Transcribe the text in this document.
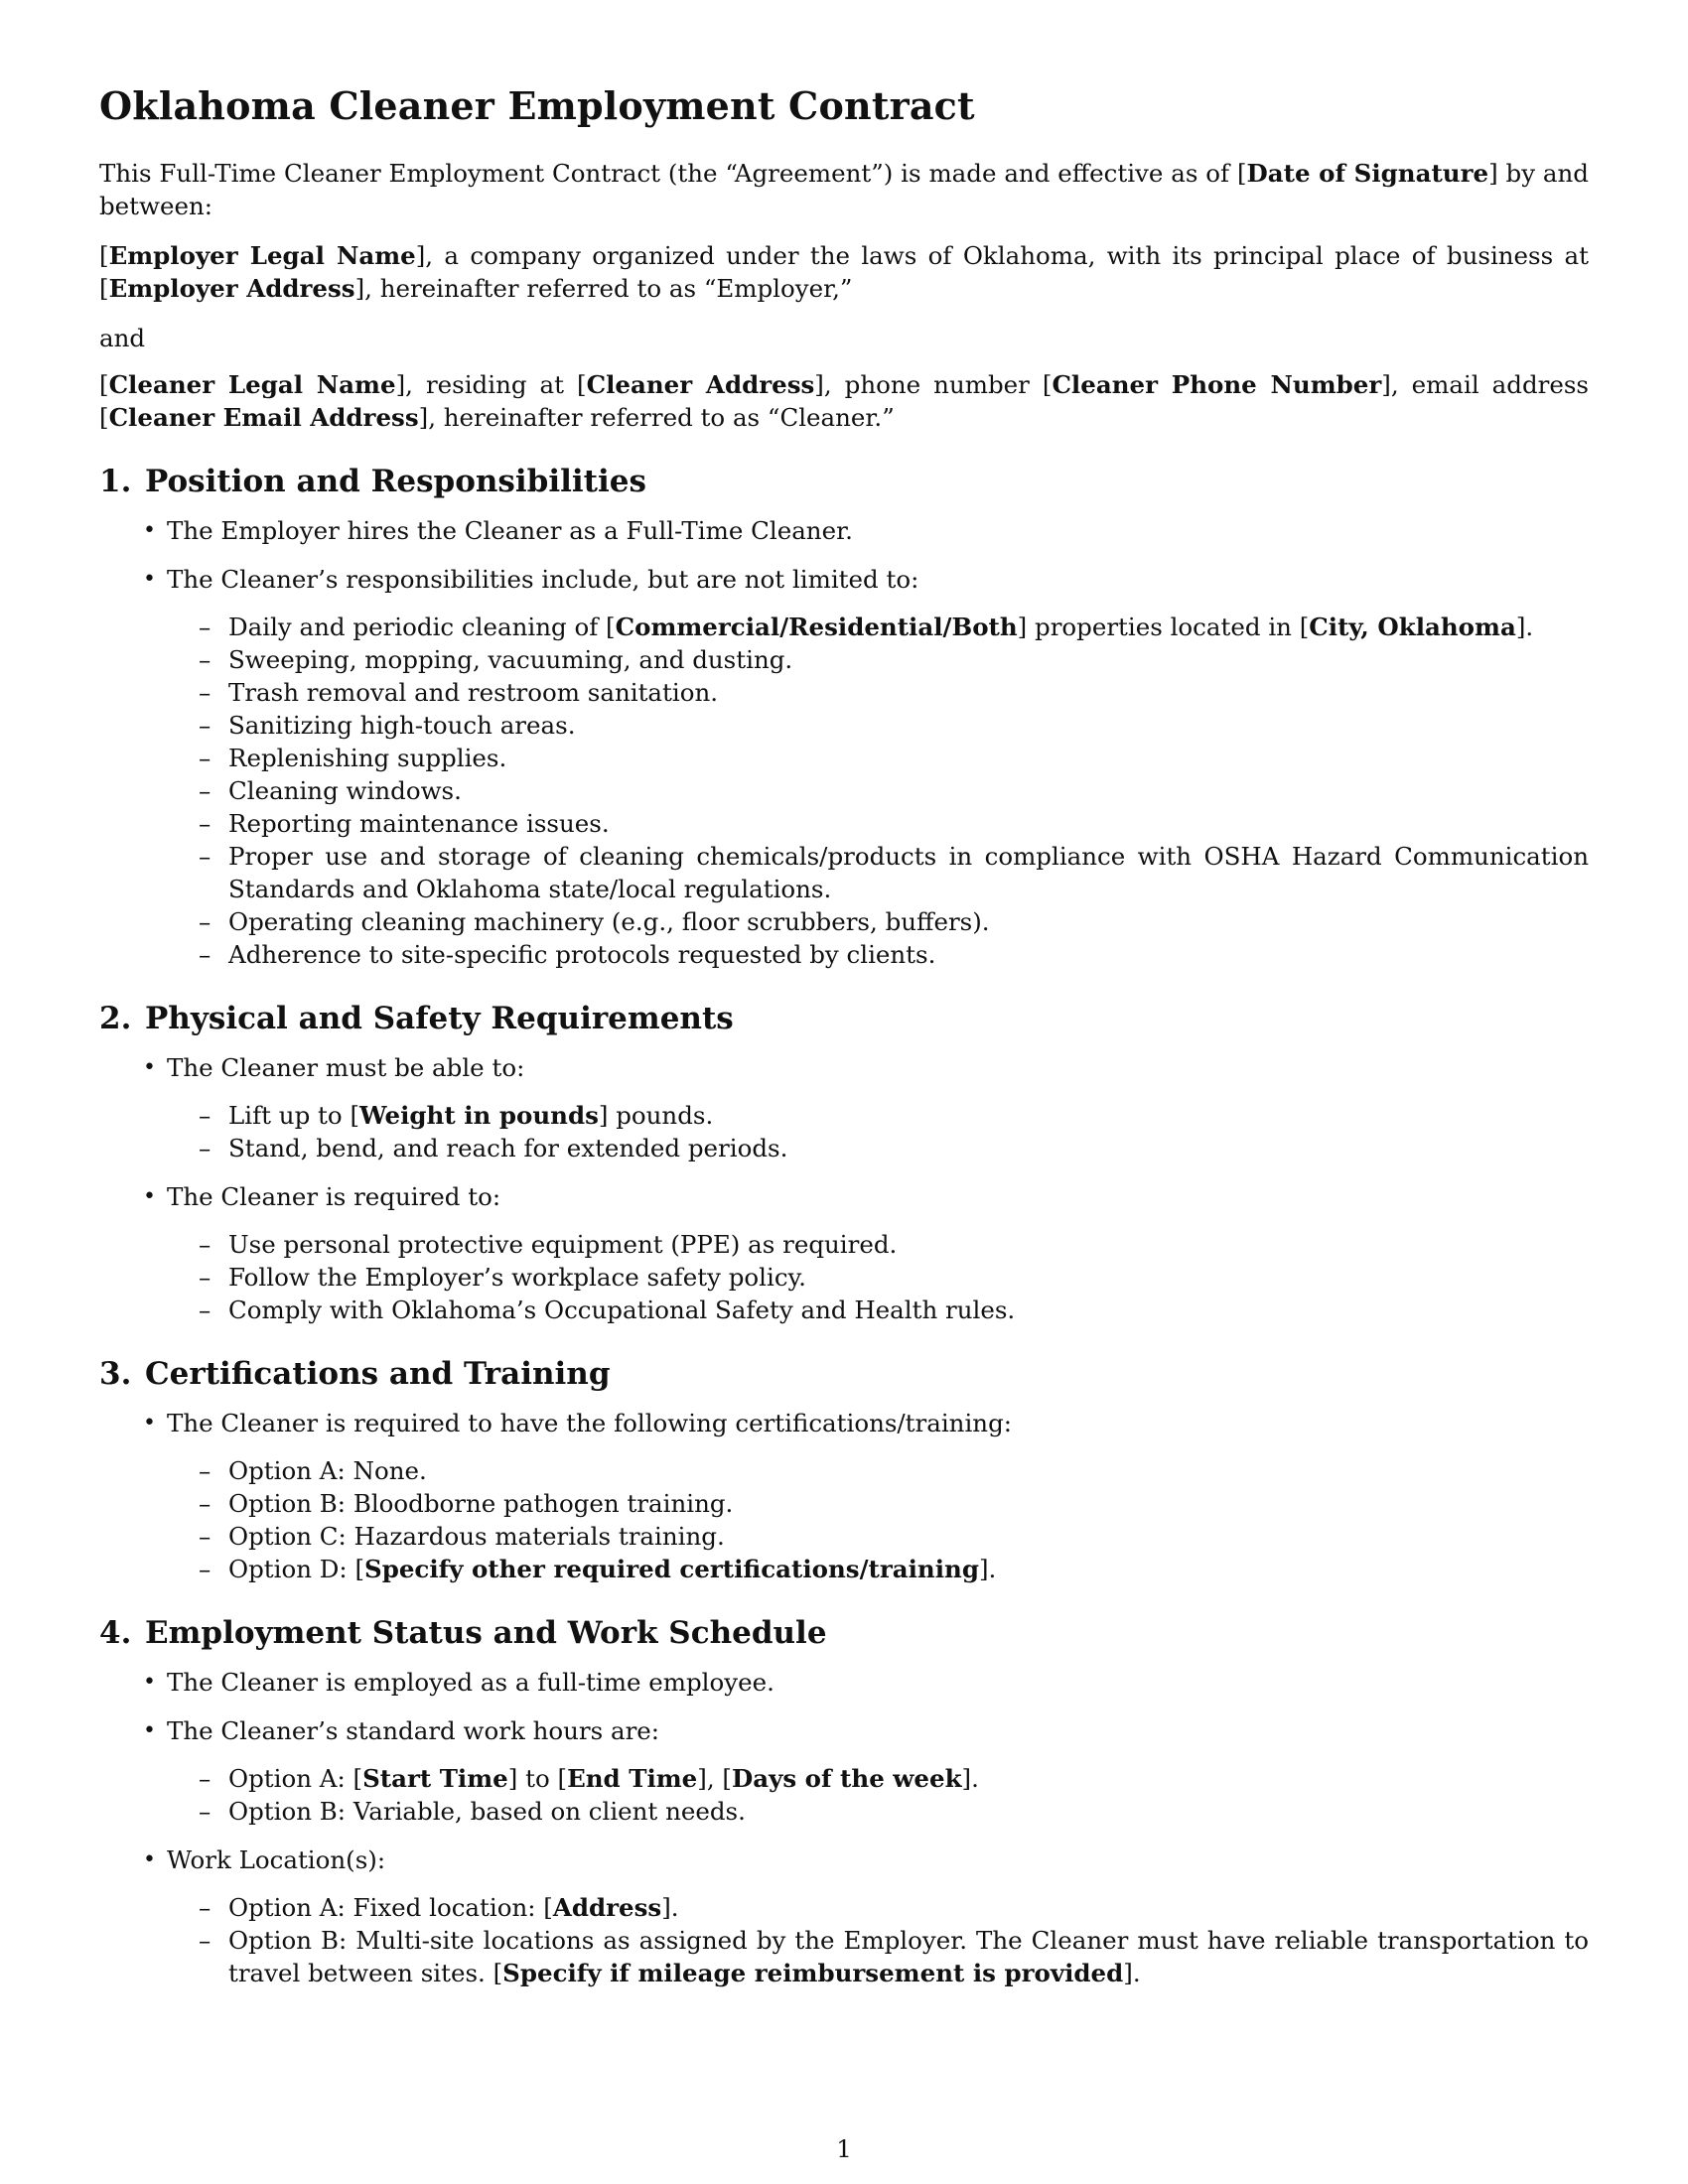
Oklahoma Cleaner Employment Contract

This Full-Time Cleaner Employment Contract (the “Agreement”) is made and effective as of [Date of Signature] by and between:

[Employer Legal Name], a company organized under the laws of Oklahoma, with its principal place of business at [Employer Address], hereinafter referred to as “Employer,”

and

[Cleaner Legal Name], residing at [Cleaner Address], phone number [Cleaner Phone Number], email address [Cleaner Email Address], hereinafter referred to as “Cleaner.”

1. Position and Responsibilities
• The Employer hires the Cleaner as a Full-Time Cleaner.
• The Cleaner’s responsibilities include, but are not limited to:
– Daily and periodic cleaning of [Commercial/Residential/Both] properties located in [City, Oklahoma].
– Sweeping, mopping, vacuuming, and dusting.
– Trash removal and restroom sanitation.
– Sanitizing high-touch areas.
– Replenishing supplies.
– Cleaning windows.
– Reporting maintenance issues.
– Proper use and storage of cleaning chemicals/products in compliance with OSHA Hazard Communication Standards and Oklahoma state/local regulations.
– Operating cleaning machinery (e.g., floor scrubbers, buffers).
– Adherence to site-specific protocols requested by clients.
2. Physical and Safety Requirements
• The Cleaner must be able to:
– Lift up to [Weight in pounds] pounds.
– Stand, bend, and reach for extended periods.
• The Cleaner is required to:
– Use personal protective equipment (PPE) as required.
– Follow the Employer’s workplace safety policy.
– Comply with Oklahoma’s Occupational Safety and Health rules.
3. Certifications and Training
• The Cleaner is required to have the following certifications/training:
– Option A: None.
– Option B: Bloodborne pathogen training.
– Option C: Hazardous materials training.
– Option D: [Specify other required certifications/training].
4. Employment Status and Work Schedule
• The Cleaner is employed as a full-time employee.
• The Cleaner’s standard work hours are:
– Option A: [Start Time] to [End Time], [Days of the week].
– Option B: Variable, based on client needs.
• Work Location(s):
– Option A: Fixed location: [Address].
– Option B: Multi-site locations as assigned by the Employer. The Cleaner must have reliable transportation to travel between sites. [Specify if mileage reimbursement is provided].
1
